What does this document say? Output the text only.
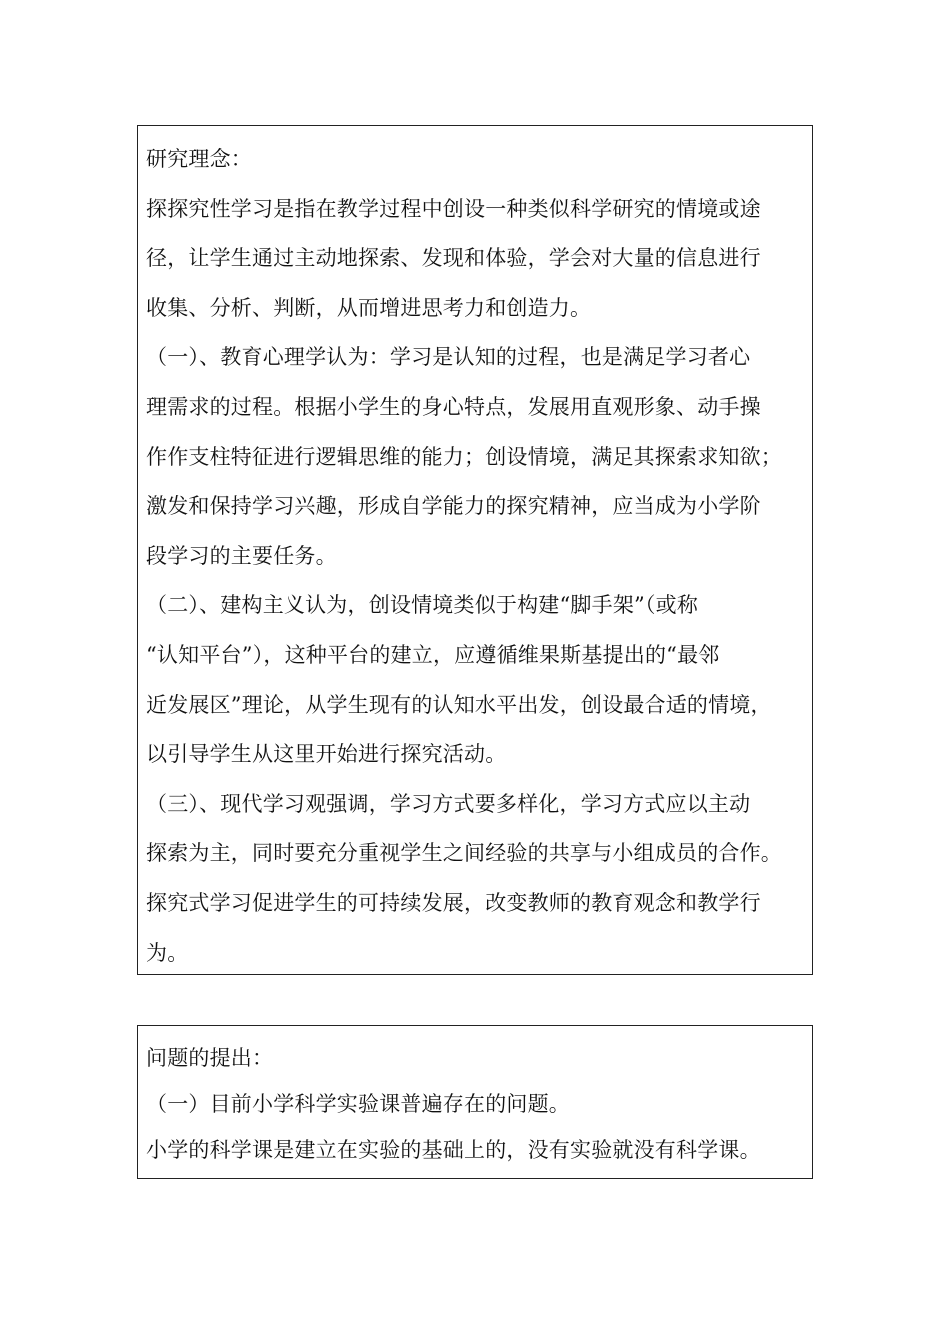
研究理念：
探探究性学习是指在教学过程中创设一种类似科学研究的情境或途
径，让学生通过主动地探索、发现和体验，学会对大量的信息进行
收集、分析、判断，从而增进思考力和创造力。
（一）、教育心理学认为：学习是认知的过程，也是满足学习者心
理需求的过程。根据小学生的身心特点，发展用直观形象、动手操
作作支柱特征进行逻辑思维的能力；创设情境，满足其探索求知欲；
激发和保持学习兴趣，形成自学能力的探究精神，应当成为小学阶
段学习的主要任务。
（二）、建构主义认为，创设情境类似于构建“脚手架”（或称
“认知平台”），这种平台的建立，应遵循维果斯基提出的“最邻
近发展区”理论，从学生现有的认知水平出发，创设最合适的情境，
以引导学生从这里开始进行探究活动。
（三）、现代学习观强调，学习方式要多样化，学习方式应以主动
探索为主，同时要充分重视学生之间经验的共享与小组成员的合作。
探究式学习促进学生的可持续发展，改变教师的教育观念和教学行
为。
问题的提出：
（一）目前小学科学实验课普遍存在的问题。
小学的科学课是建立在实验的基础上的，没有实验就没有科学课。
